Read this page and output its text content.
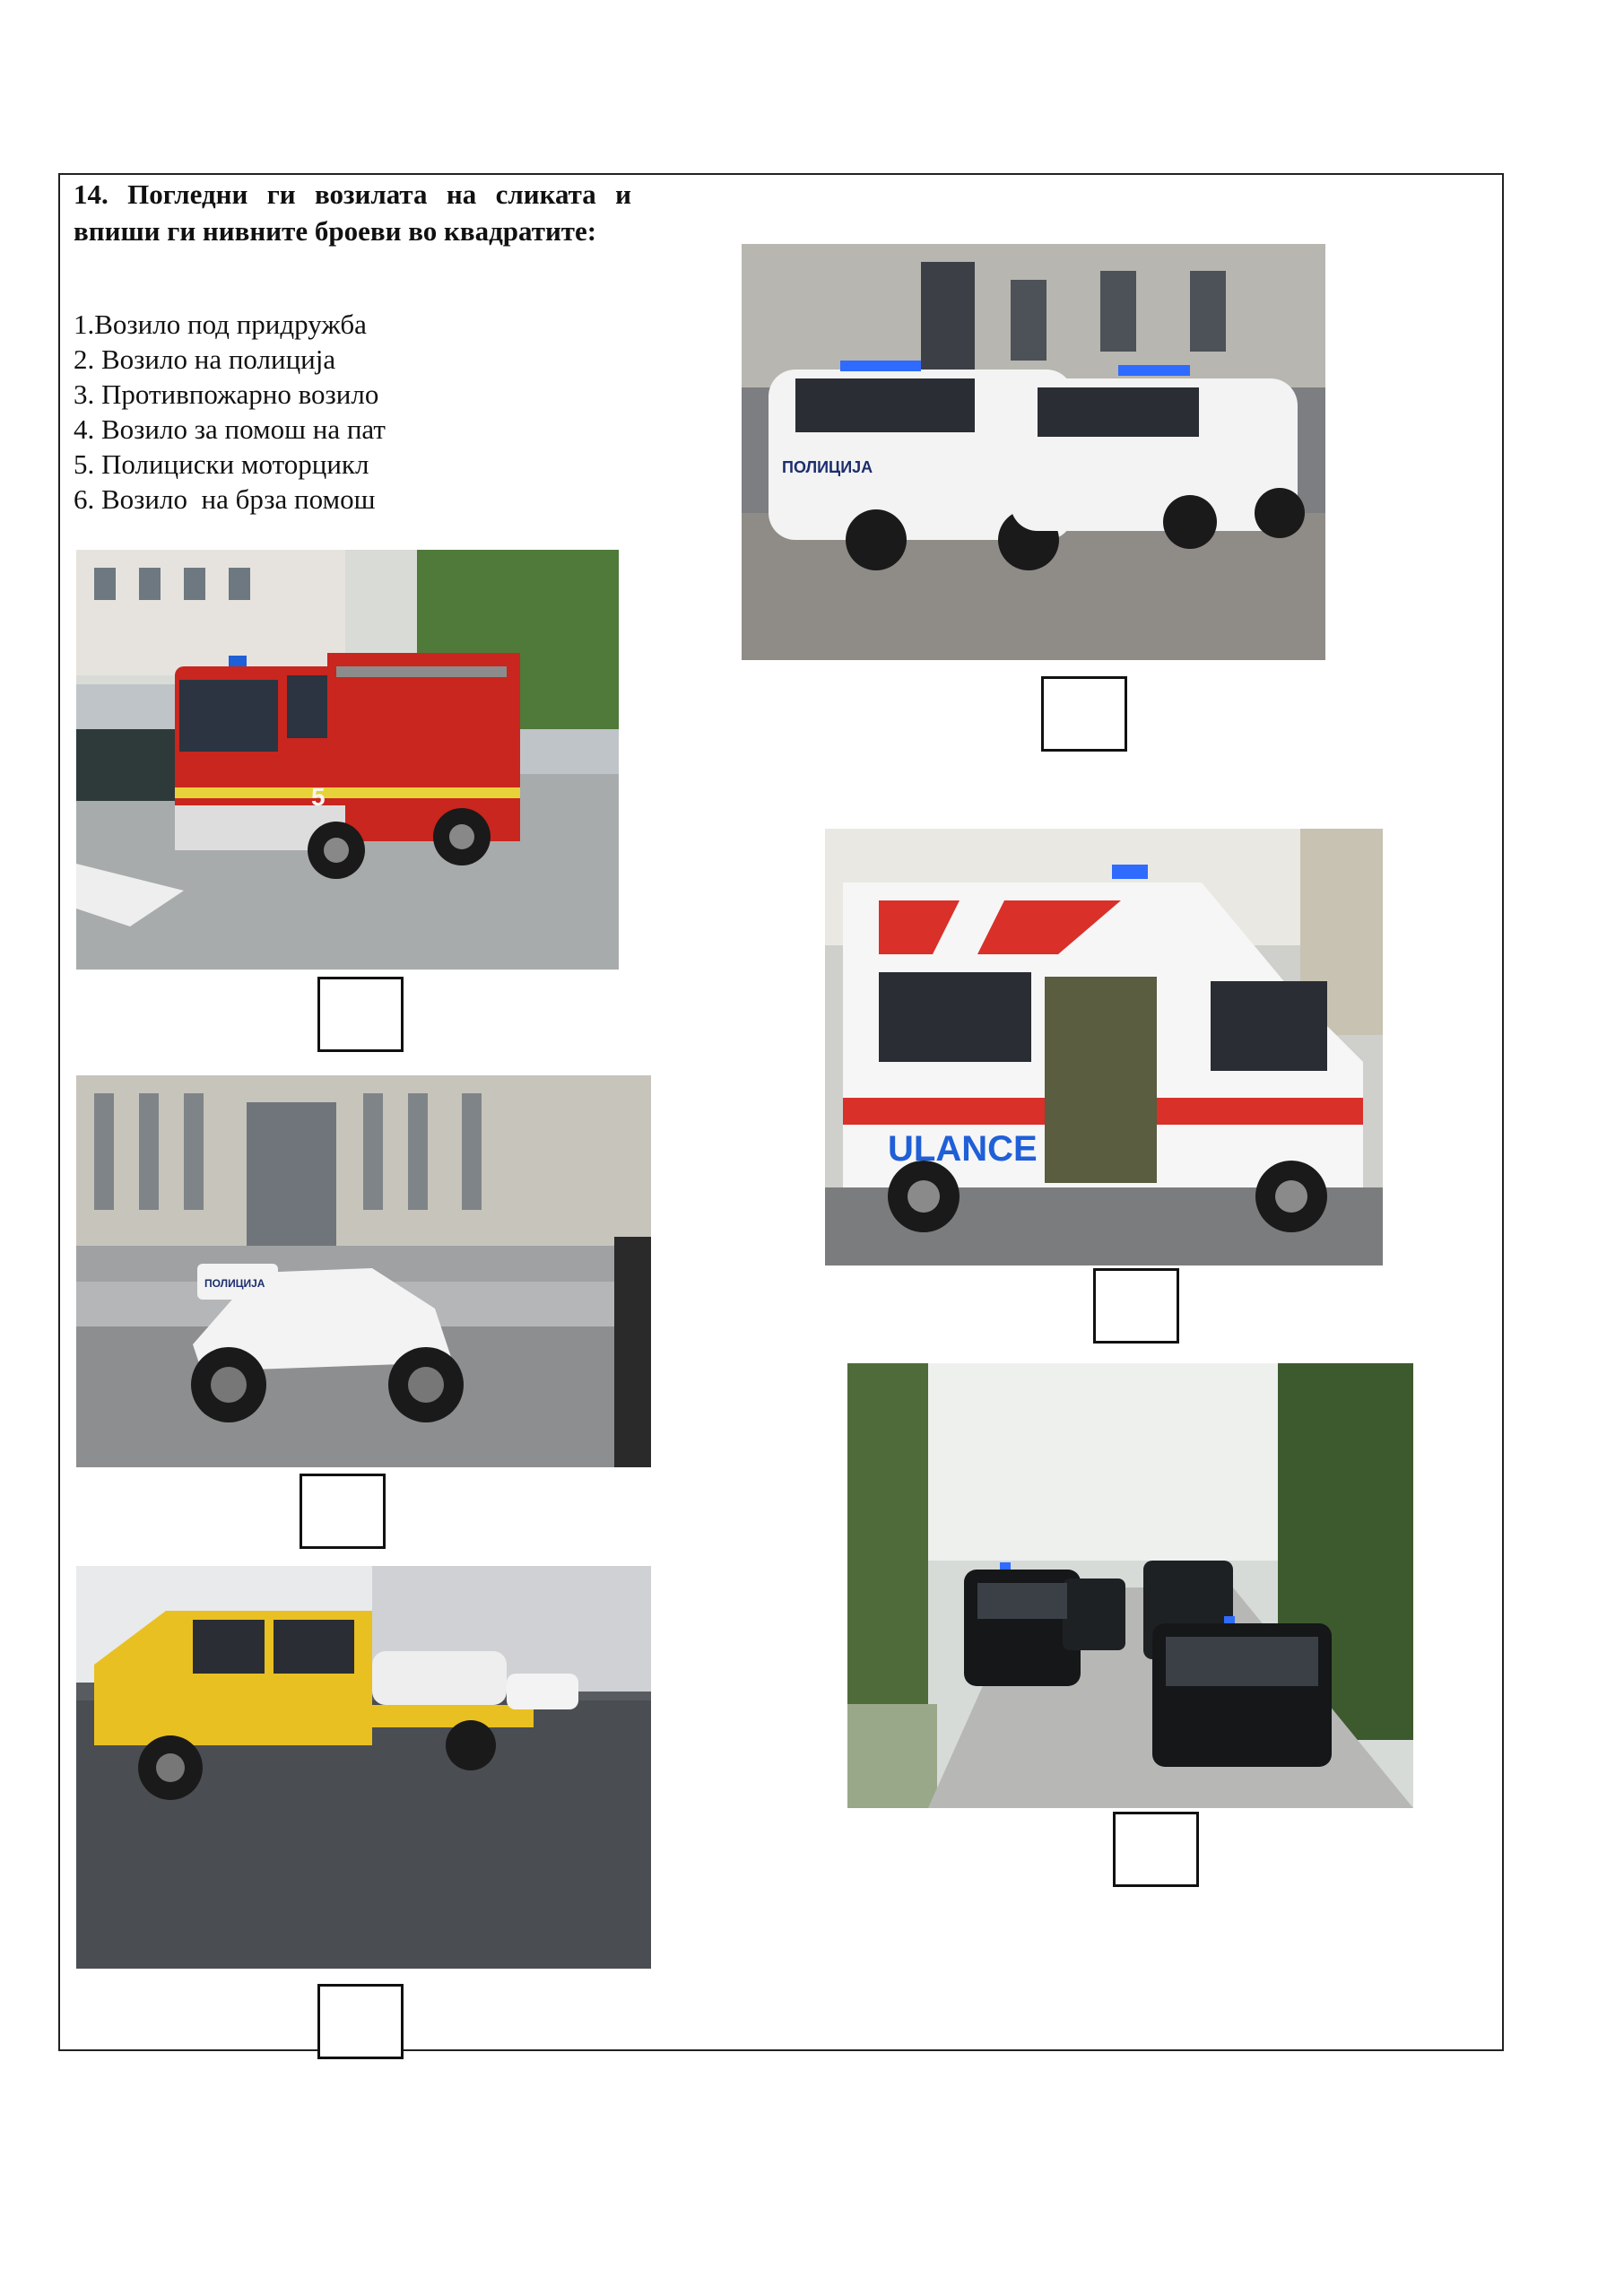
14. Погледни ги возилата на сликата и впиши ги нивните броеви во квадратите:
1.Возило под придружба
2. Возило на полиција
3. Противпожарно возило
4. Возило за помош на пат
5. Полициски моторцикл
6. Возило  на брза помош
5
ПОЛИЦИЈА
ПОЛИЦИЈА
ULANCE
